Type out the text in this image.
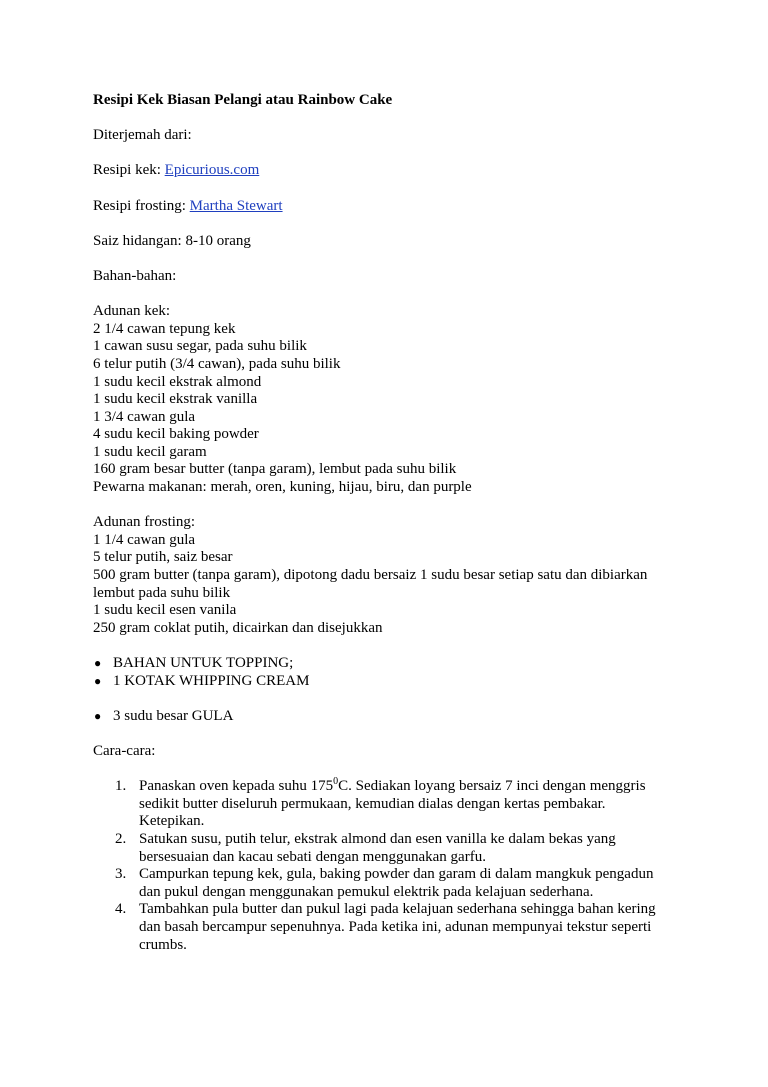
Resipi Kek Biasan Pelangi atau Rainbow Cake
Diterjemah dari:
Resipi kek: Epicurious.com
Resipi frosting: Martha Stewart
Saiz hidangan: 8-10 orang
Bahan-bahan:
Adunan kek:
2 1/4 cawan tepung kek
1 cawan susu segar, pada suhu bilik
6 telur putih (3/4 cawan), pada suhu bilik
1 sudu kecil ekstrak almond
1 sudu kecil ekstrak vanilla
1 3/4 cawan gula
4 sudu kecil baking powder
1 sudu kecil garam
160 gram besar butter (tanpa garam), lembut pada suhu bilik
Pewarna makanan: merah, oren, kuning, hijau, biru, dan purple
Adunan frosting:
1 1/4 cawan gula
5 telur putih, saiz besar
500 gram butter (tanpa garam), dipotong dadu bersaiz 1 sudu besar setiap satu dan dibiarkan
lembut pada suhu bilik
1 sudu kecil esen vanila
250 gram coklat putih, dicairkan dan disejukkan
● BAHAN UNTUK TOPPING;
● 1 KOTAK WHIPPING CREAM
● 3 sudu besar GULA
Cara-cara:
1. Panaskan oven kepada suhu $175^0C$. Sediakan loyang bersaiz 7 inci dengan menggris
sedikit butter diseluruh permukaan, kemudian dialas dengan kertas pembakar.
Ketepikan.
2. Satukan susu, putih telur, ekstrak almond dan esen vanilla ke dalam bekas yang
bersesuaian dan kacau sebati dengan menggunakan garfu.
3. Campurkan tepung kek, gula, baking powder dan garam di dalam mangkuk pengadun
dan pukul dengan menggunakan pemukul elektrik pada kelajuan sederhana.
4. Tambahkan pula butter dan pukul lagi pada kelajuan sederhana sehingga bahan kering
dan basah bercampur sepenuhnya. Pada ketika ini, adunan mempunyai tekstur seperti
crumbs.
